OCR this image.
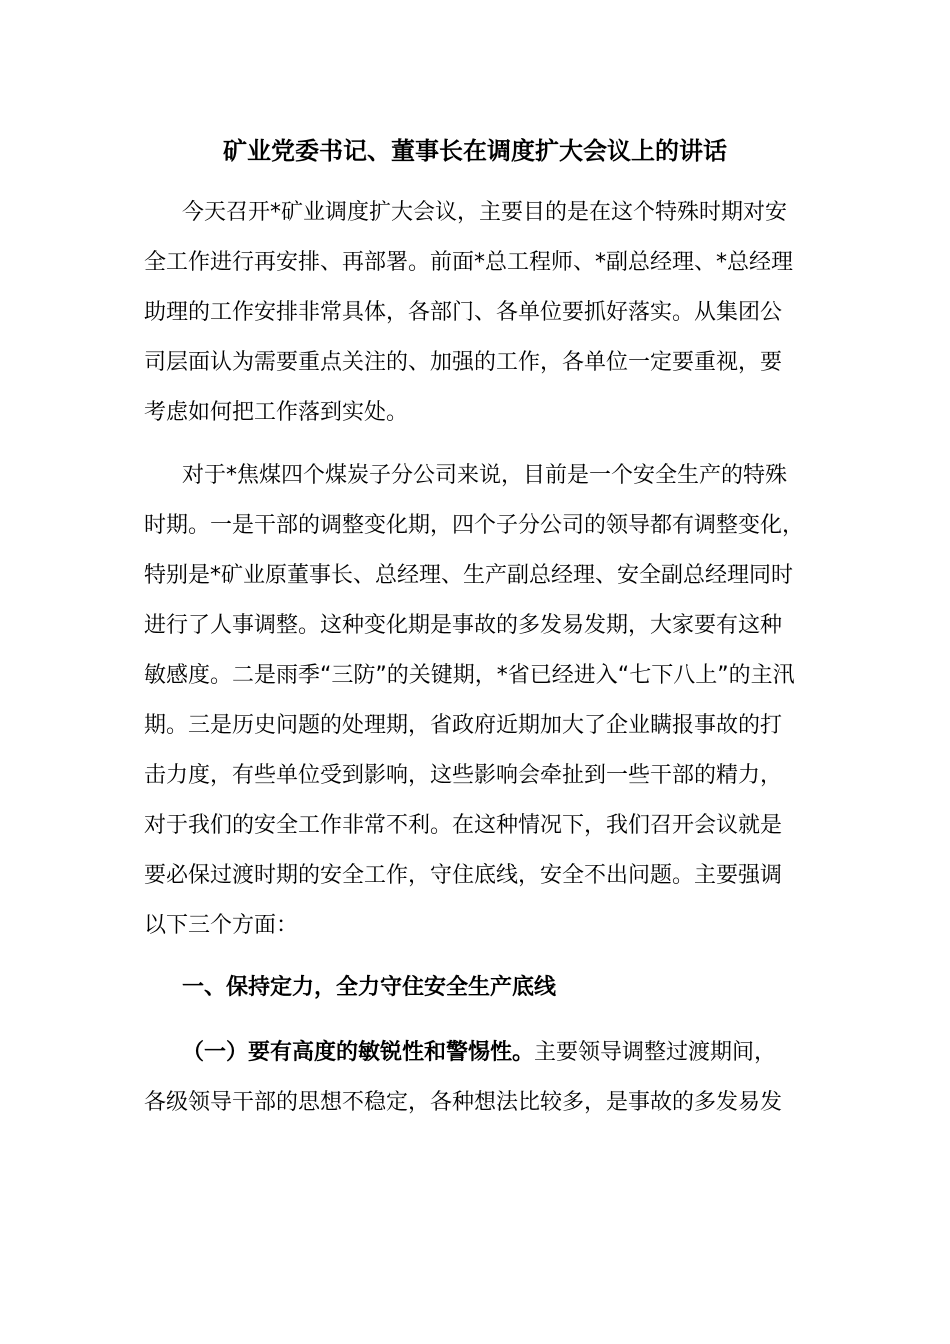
矿业党委书记、董事长在调度扩大会议上的讲话
今天召开*矿业调度扩大会议，主要目的是在这个特殊时期对安
全工作进行再安排、再部署。前面*总工程师、*副总经理、*总经理
助理的工作安排非常具体，各部门、各单位要抓好落实。从集团公
司层面认为需要重点关注的、加强的工作，各单位一定要重视，要
考虑如何把工作落到实处。
对于*焦煤四个煤炭子分公司来说，目前是一个安全生产的特殊
时期。一是干部的调整变化期，四个子分公司的领导都有调整变化，
特别是*矿业原董事长、总经理、生产副总经理、安全副总经理同时
进行了人事调整。这种变化期是事故的多发易发期，大家要有这种
敏感度。二是雨季“三防”的关键期，*省已经进入“七下八上”的主汛
期。三是历史问题的处理期，省政府近期加大了企业瞒报事故的打
击力度，有些单位受到影响，这些影响会牵扯到一些干部的精力，
对于我们的安全工作非常不利。在这种情况下，我们召开会议就是
要必保过渡时期的安全工作，守住底线，安全不出问题。主要强调
以下三个方面：
一、保持定力，全力守住安全生产底线
（一）要有高度的敏锐性和警惕性。主要领导调整过渡期间，
各级领导干部的思想不稳定，各种想法比较多，是事故的多发易发
